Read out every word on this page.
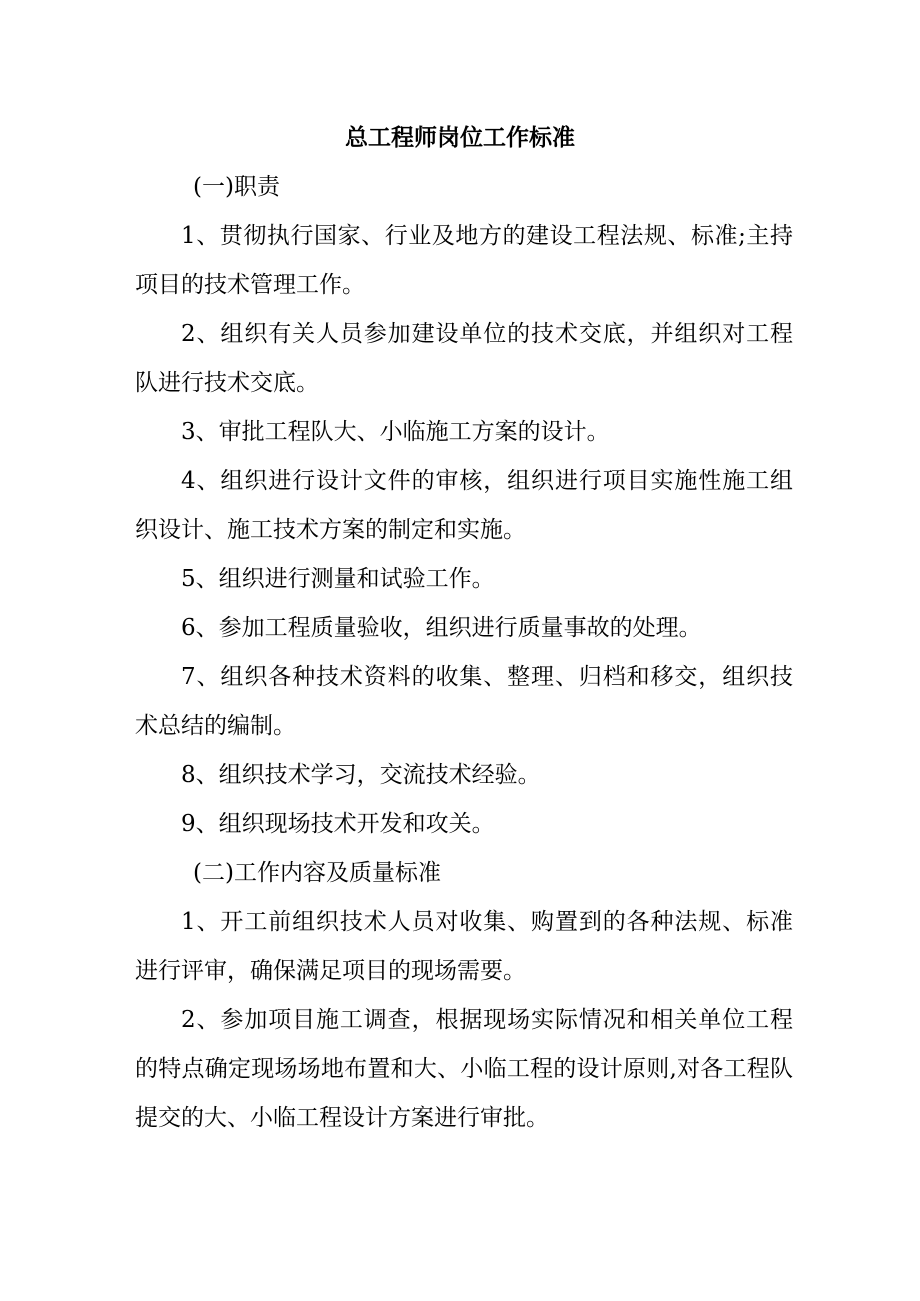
总工程师岗位工作标准

(一)职责

1、贯彻执行国家、行业及地方的建设工程法规、标准;主持项目的技术管理工作。

2、组织有关人员参加建设单位的技术交底，并组织对工程队进行技术交底。

3、审批工程队大、小临施工方案的设计。

4、组织进行设计文件的审核，组织进行项目实施性施工组织设计、施工技术方案的制定和实施。

5、组织进行测量和试验工作。

6、参加工程质量验收，组织进行质量事故的处理。

7、组织各种技术资料的收集、整理、归档和移交，组织技术总结的编制。

8、组织技术学习，交流技术经验。

9、组织现场技术开发和攻关。

(二)工作内容及质量标准

1、开工前组织技术人员对收集、购置到的各种法规、标准进行评审，确保满足项目的现场需要。

2、参加项目施工调查，根据现场实际情况和相关单位工程的特点确定现场场地布置和大、小临工程的设计原则,对各工程队提交的大、小临工程设计方案进行审批。
